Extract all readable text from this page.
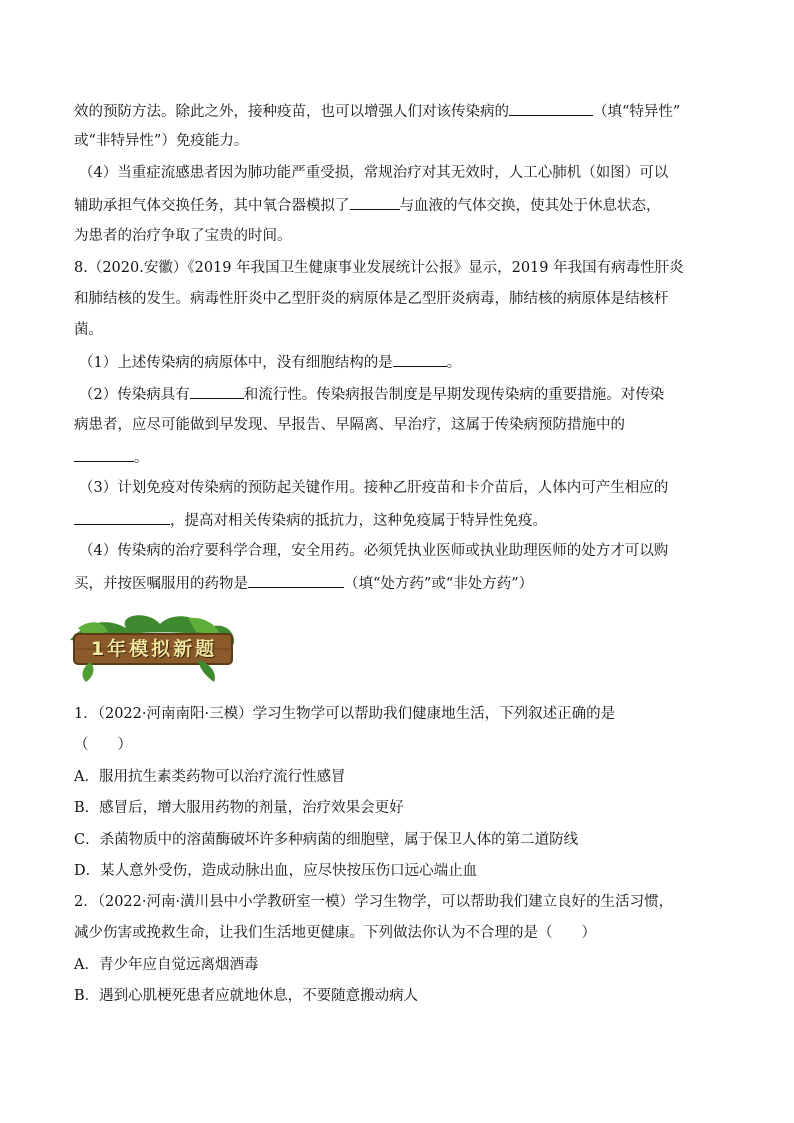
效的预防方法。除此之外，接种疫苗，也可以增强人们对该传染病的	（填“特异性”
或“非特异性”）免疫能力。
（4）当重症流感患者因为肺功能严重受损，常规治疗对其无效时，人工心肺机（如图）可以
辅助承担气体交换任务，其中氧合器模拟了	与血液的气体交换，使其处于休息状态，
为患者的治疗争取了宝贵的时间。
8.（2020.安徽）《2019 年我国卫生健康事业发展统计公报》显示，2019 年我国有病毒性肝炎
和肺结核的发生。病毒性肝炎中乙型肝炎的病原体是乙型肝炎病毒，肺结核的病原体是结核杆
菌。
（1）上述传染病的病原体中，没有细胞结构的是	。
（2）传染病具有	和流行性。传染病报告制度是早期发现传染病的重要措施。对传染
病患者，应尽可能做到早发现、早报告、早隔离、早治疗，这属于传染病预防措施中的
。
（3）计划免疫对传染病的预防起关键作用。接种乙肝疫苗和卡介苗后，人体内可产生相应的
，提高对相关传染病的抵抗力，这种免疫属于特异性免疫。
（4）传染病的治疗要科学合理，安全用药。必须凭执业医师或执业助理医师的处方才可以购
买，并按医嘱服用的药物是	（填“处方药”或“非处方药”）
1年模拟新题
1．（2022·河南南阳·三模）学习生物学可以帮助我们健康地生活，下列叙述正确的是
（　　）
A．服用抗生素类药物可以治疗流行性感冒
B．感冒后，增大服用药物的剂量，治疗效果会更好
C．杀菌物质中的溶菌酶破坏许多种病菌的细胞壁，属于保卫人体的第二道防线
D．某人意外受伤，造成动脉出血，应尽快按压伤口远心端止血
2．（2022·河南·潢川县中小学教研室一模）学习生物学，可以帮助我们建立良好的生活习惯，
减少伤害或挽救生命，让我们生活地更健康。下列做法你认为不合理的是（　　）
A．青少年应自觉远离烟酒毒
B．遇到心肌梗死患者应就地休息，不要随意搬动病人
